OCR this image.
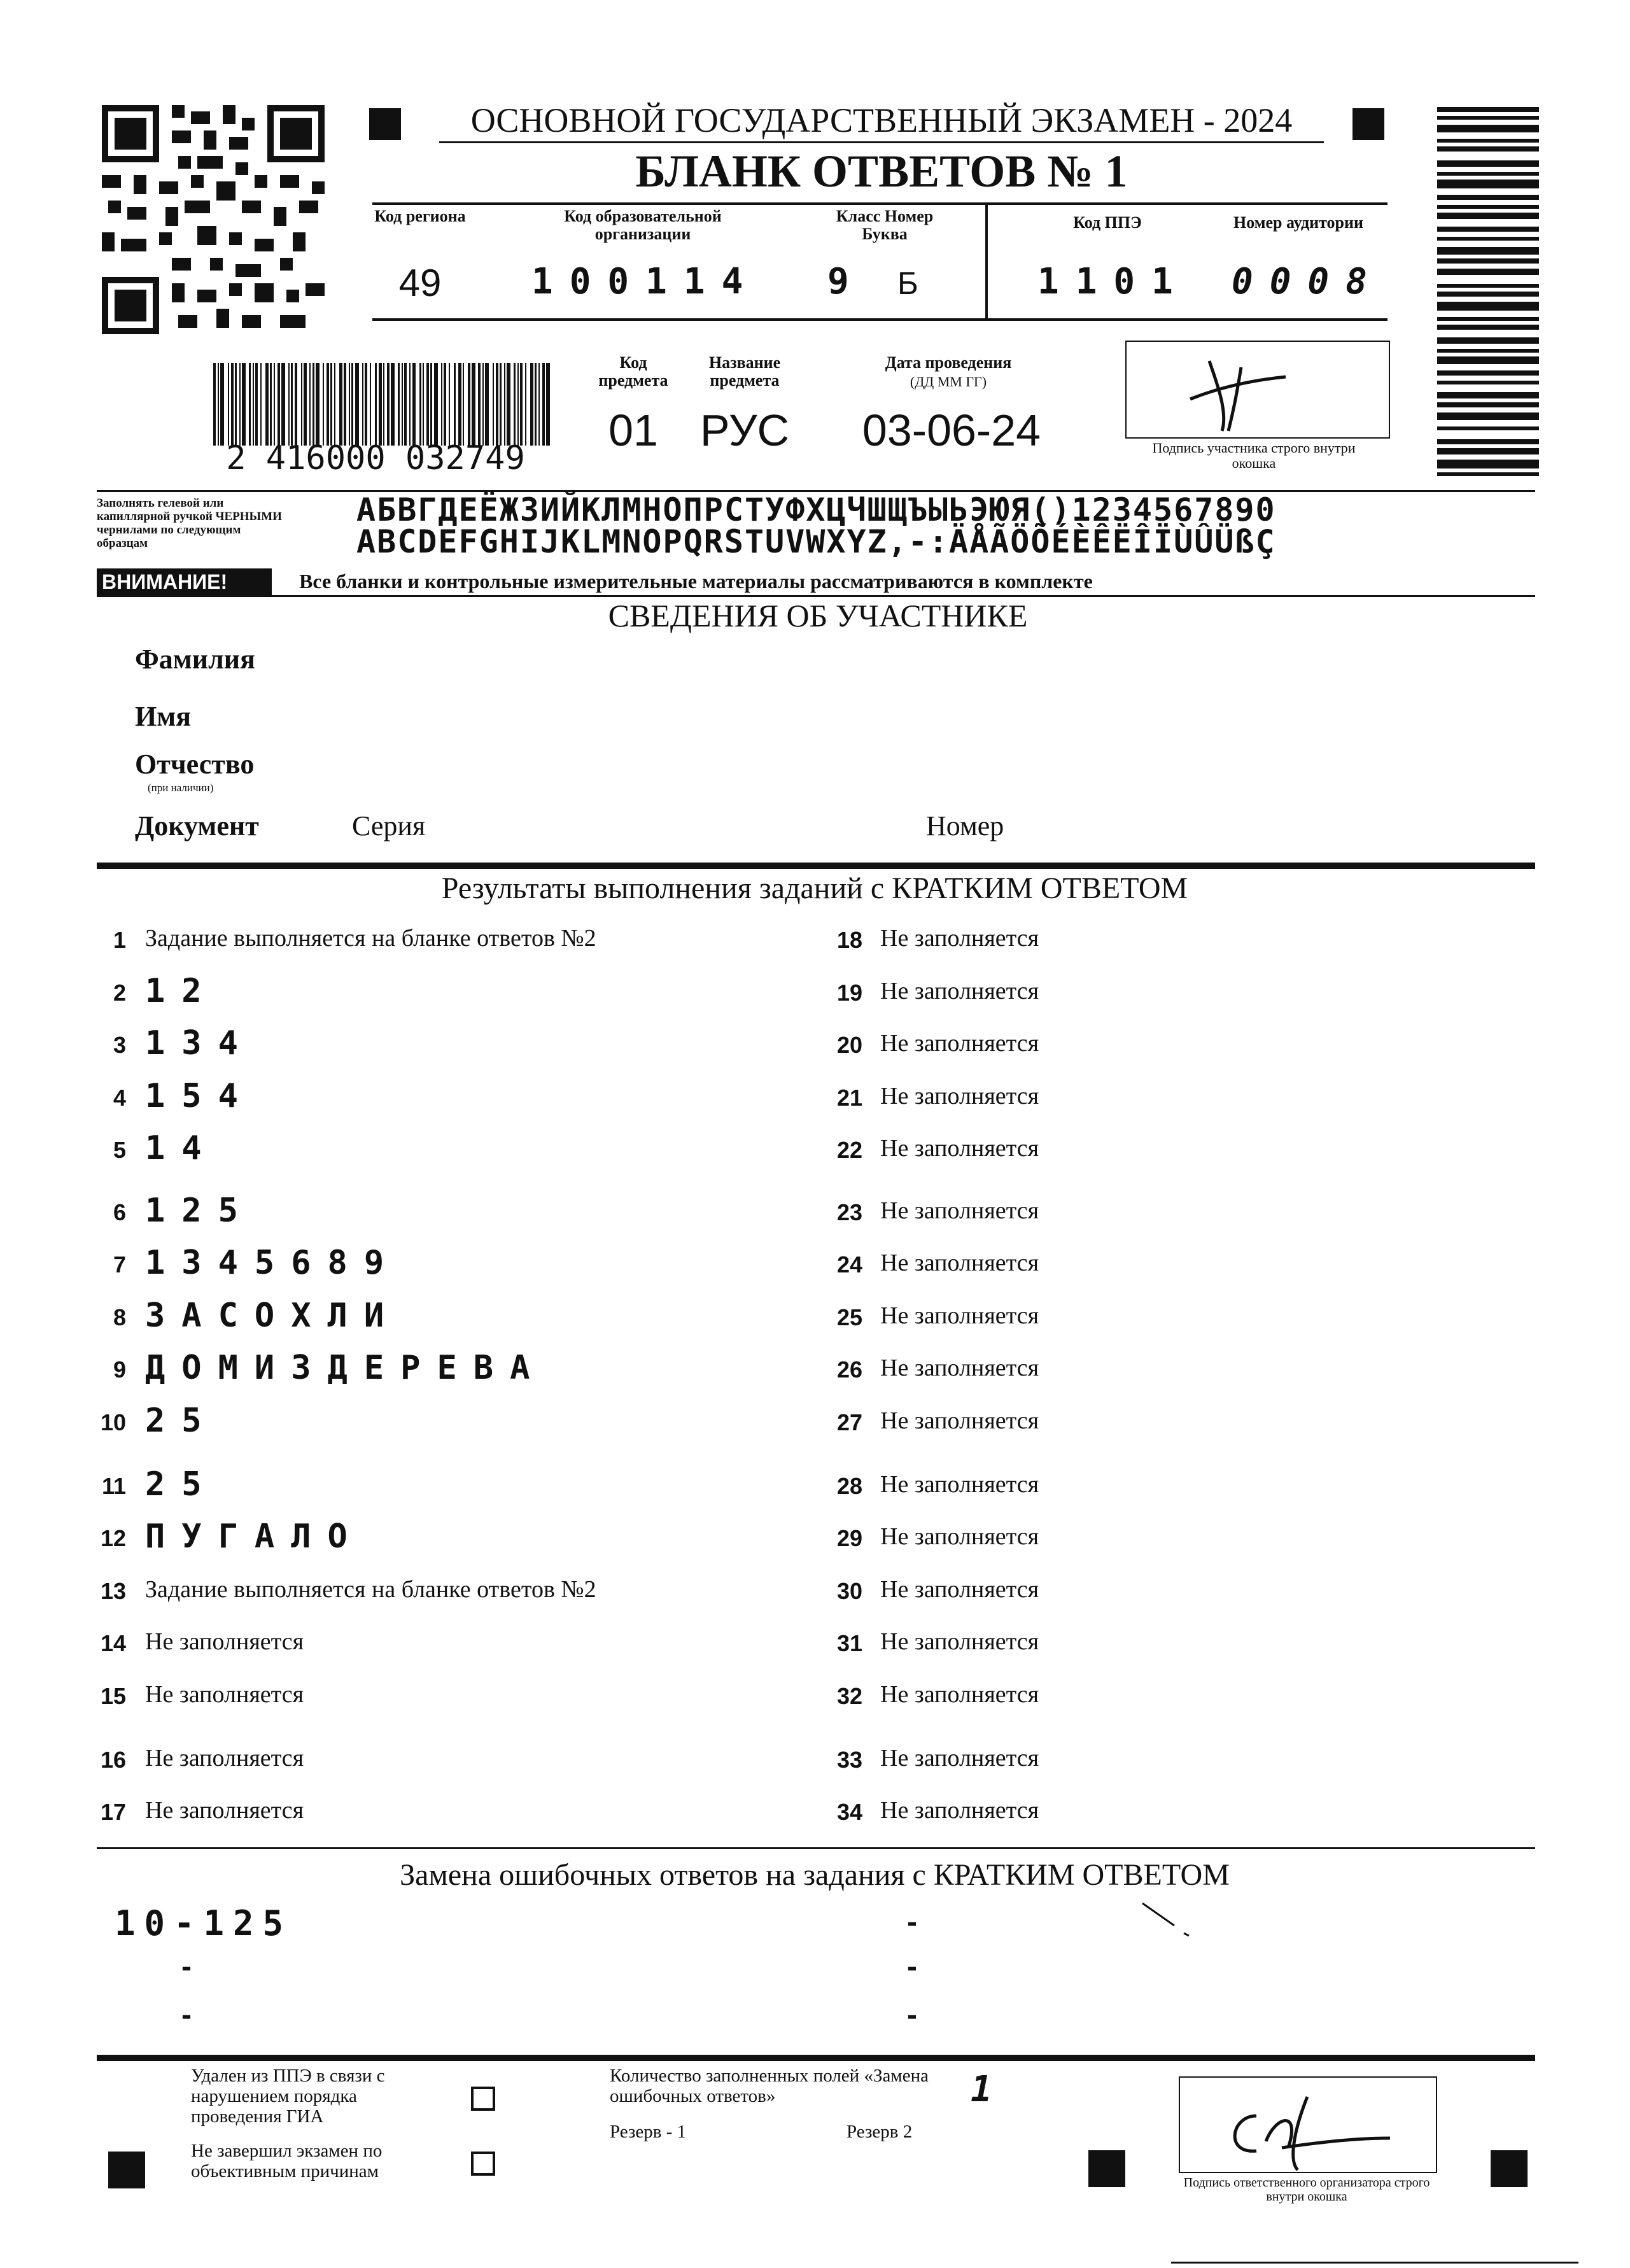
ОСНОВНОЙ ГОСУДАРСТВЕННЫЙ ЭКЗАМЕН - 2024
БЛАНК ОТВЕТОВ № 1
Код региона
49
Код образовательной организации
100114
Класс Номер Буква
9 Б
Код ППЭ
1101
Номер аудитории
0008
2 416000 032749
Код предмета
01
Название предмета
РУС
Дата проведения
(ДД ММ ГГ)
03-06-24	Подпись участника строго внутри окошка
Заполнять гелевой или капиллярной ручкой ЧЕРНЫМИ чернилами по следующим образцам
АБВГДЕЁЖЗИЙКЛМНОПРСТУФХЦЧШЩЪЫЬЭЮЯ()1234567890
ABCDEFGHIJKLMNOPQRSTUVWXYZ,-:ÄÅÃÖÕÉÈÊËÎÏÙÛÜßÇ
ВНИМАНИЕ!	Все бланки и контрольные измерительные материалы рассматриваются в комплекте
СВЕДЕНИЯ ОБ УЧАСТНИКЕ
Фамилия
Имя
Отчество
(при наличии)
Документ	Серия	Номер
Результаты выполнения заданий с КРАТКИМ ОТВЕТОМ
1 Задание выполняется на бланке ответов №2
2 12
3 134
4 154
5 14
6 125
7 1345689
8 ЗАСОХЛИ
9 ДОМИЗДЕРЕВА
10 25
11 25
12 ПУГАЛО
13 Задание выполняется на бланке ответов №2
14 Не заполняется
15 Не заполняется
16 Не заполняется
17 Не заполняется
18 Не заполняется
19 Не заполняется
20 Не заполняется
21 Не заполняется
22 Не заполняется
23 Не заполняется
24 Не заполняется
25 Не заполняется
26 Не заполняется
27 Не заполняется
28 Не заполняется
29 Не заполняется
30 Не заполняется
31 Не заполняется
32 Не заполняется
33 Не заполняется
34 Не заполняется
Замена ошибочных ответов на задания с КРАТКИМ ОТВЕТОМ
10-125
-
-
-
-
-
Удален из ППЭ в связи с нарушением порядка проведения ГИА
Не завершил экзамен по объективным причинам
Количество заполненных полей «Замена ошибочных ответов»	1
Резерв - 1	Резерв 2
Подпись ответственного организатора строго внутри окошка
